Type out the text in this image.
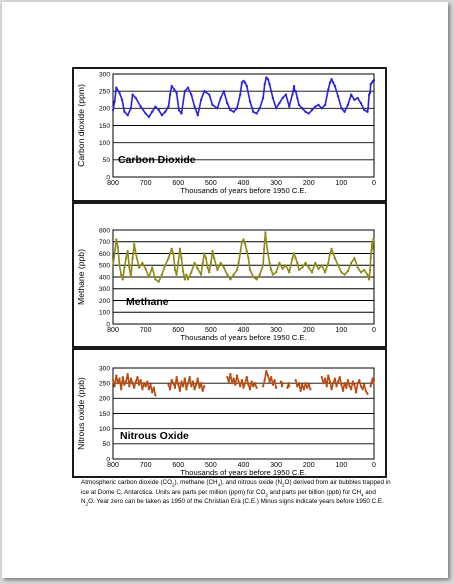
0
50
100
150
200
250
300
800	700	600	500	400	300	200	100	0
Thousands of years before 1950 C.E.
Carbon dioxide (ppm)	Carbon Dioxide
0
100
200
300
400
500
600
700
800
800	700	600	500	400	300	200	100	0
Thousands of years before 1950 C.E.
Methane (ppb)	Methane
0
50
100
150
200
250
300
800	700	600	500	400	300	200	100	0
Thousands of years before 1950 C.E.
Nitrous oxide (ppb)	Nitrous Oxide
Atmospheric carbon dioxide $(CO_2)$, methane $(CH_4)$, and nitrous oxide $(N_2O)$ derived from air bubbles trapped in ice at Dome C, Antarctica. Units are parts per million (ppm) for $CO_2$ and parts per billion (ppb) for $CH_4$ and $N_2O$. Year zero can be taken as 1950 of the Christian Era (C.E.) Minus signs indicate years before 1950 C.E.
